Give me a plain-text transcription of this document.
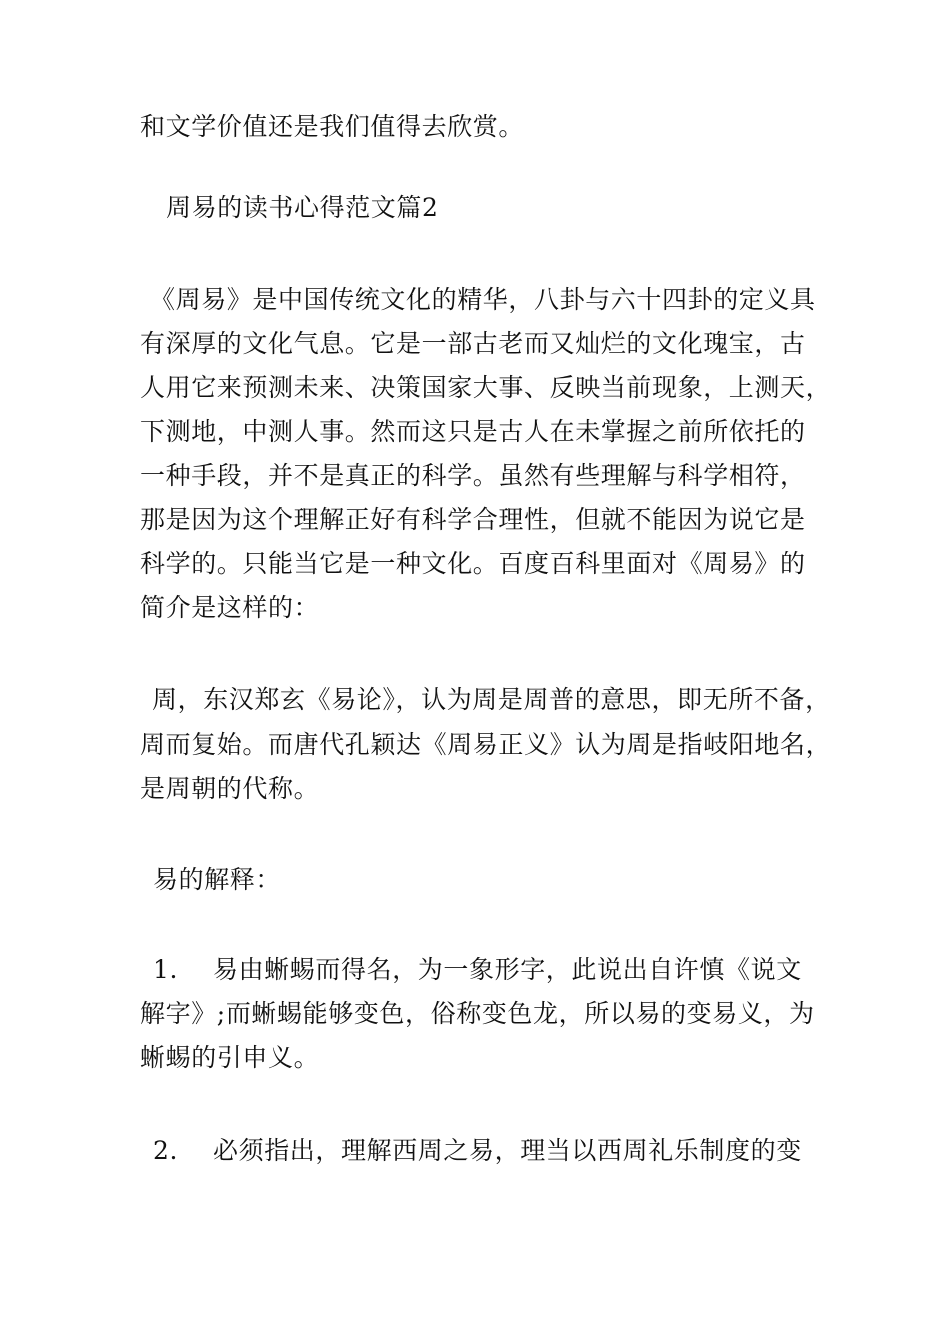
和文学价值还是我们值得去欣赏。
周易的读书心得范文篇2
《周易》是中国传统文化的精华，八卦与六十四卦的定义具
有深厚的文化气息。它是一部古老而又灿烂的文化瑰宝，古
人用它来预测未来、决策国家大事、反映当前现象，上测天，
下测地，中测人事。然而这只是古人在未掌握之前所依托的
一种手段，并不是真正的科学。虽然有些理解与科学相符，
那是因为这个理解正好有科学合理性，但就不能因为说它是
科学的。只能当它是一种文化。百度百科里面对《周易》的
简介是这样的：
周，东汉郑玄《易论》，认为周是周普的意思，即无所不备，
周而复始。而唐代孔颖达《周易正义》认为周是指岐阳地名，
是周朝的代称。
易的解释：
1. 易由蜥蜴而得名，为一象形字，此说出自许慎《说文
解字》;而蜥蜴能够变色，俗称变色龙，所以易的变易义，为
蜥蜴的引申义。
2. 必须指出，理解西周之易，理当以西周礼乐制度的变
